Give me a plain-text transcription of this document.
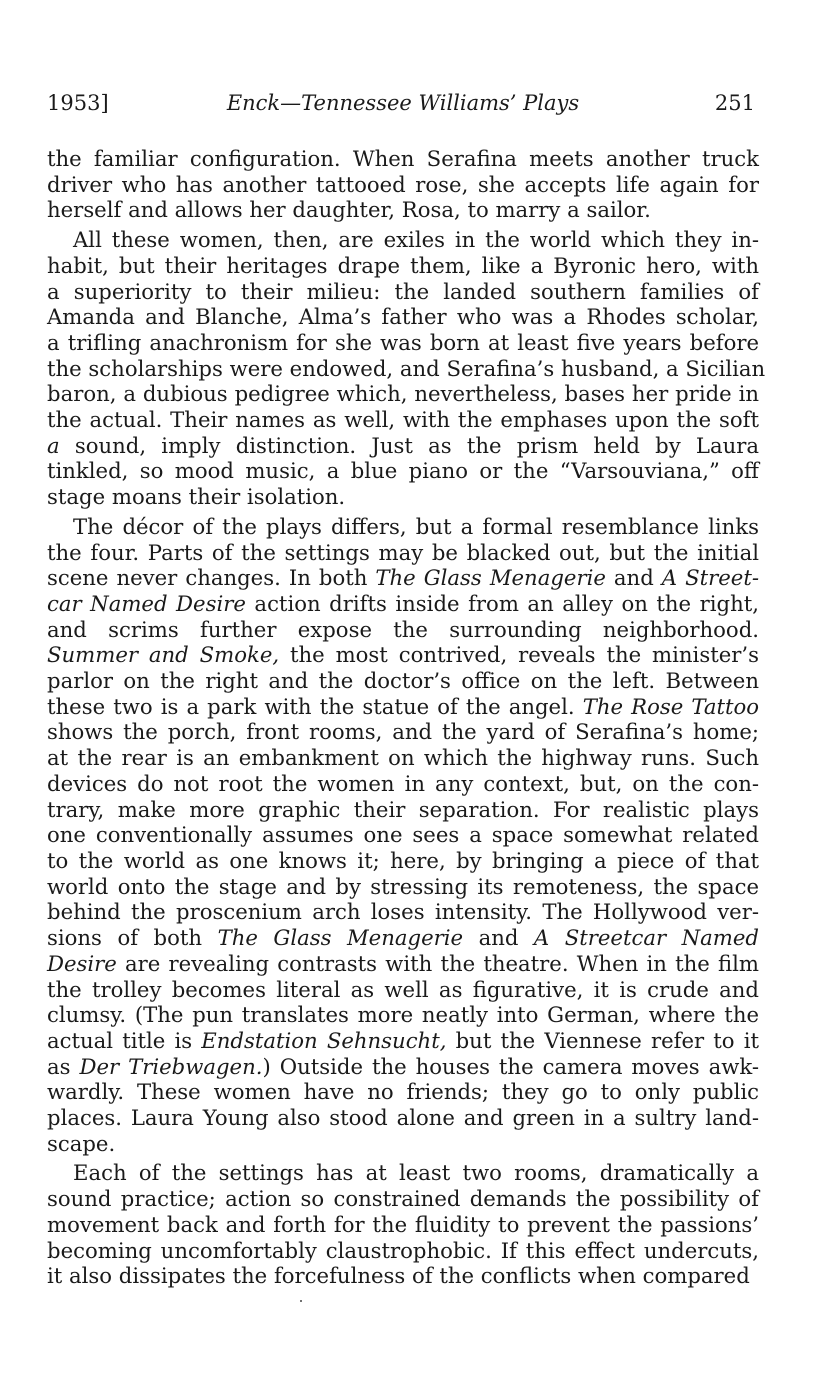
1953]	Enck—Tennessee Williams’ Plays	251

the familiar configuration. When Serafina meets another truck
driver who has another tattooed rose, she accepts life again for
herself and allows her daughter, Rosa, to marry a sailor.

All these women, then, are exiles in the world which they in-
habit, but their heritages drape them, like a Byronic hero, with
a superiority to their milieu: the landed southern families of
Amanda and Blanche, Alma’s father who was a Rhodes scholar,
a trifling anachronism for she was born at least five years before
the scholarships were endowed, and Serafina’s husband, a Sicilian
baron, a dubious pedigree which, nevertheless, bases her pride in
the actual. Their names as well, with the emphases upon the soft
a sound, imply distinction. Just as the prism held by Laura
tinkled, so mood music, a blue piano or the “Varsouviana,” off
stage moans their isolation.

The décor of the plays differs, but a formal resemblance links
the four. Parts of the settings may be blacked out, but the initial
scene never changes. In both The Glass Menagerie and A Street-
car Named Desire action drifts inside from an alley on the right,
and scrims further expose the surrounding neighborhood.
Summer and Smoke, the most contrived, reveals the minister’s
parlor on the right and the doctor’s office on the left. Between
these two is a park with the statue of the angel. The Rose Tattoo
shows the porch, front rooms, and the yard of Serafina’s home;
at the rear is an embankment on which the highway runs. Such
devices do not root the women in any context, but, on the con-
trary, make more graphic their separation. For realistic plays
one conventionally assumes one sees a space somewhat related
to the world as one knows it; here, by bringing a piece of that
world onto the stage and by stressing its remoteness, the space
behind the proscenium arch loses intensity. The Hollywood ver-
sions of both The Glass Menagerie and A Streetcar Named
Desire are revealing contrasts with the theatre. When in the film
the trolley becomes literal as well as figurative, it is crude and
clumsy. (The pun translates more neatly into German, where the
actual title is Endstation Sehnsucht, but the Viennese refer to it
as Der Triebwagen.) Outside the houses the camera moves awk-
wardly. These women have no friends; they go to only public
places. Laura Young also stood alone and green in a sultry land-
scape.

Each of the settings has at least two rooms, dramatically a
sound practice; action so constrained demands the possibility of
movement back and forth for the fluidity to prevent the passions’
becoming uncomfortably claustrophobic. If this effect undercuts,
it also dissipates the forcefulness of the conflicts when compared
